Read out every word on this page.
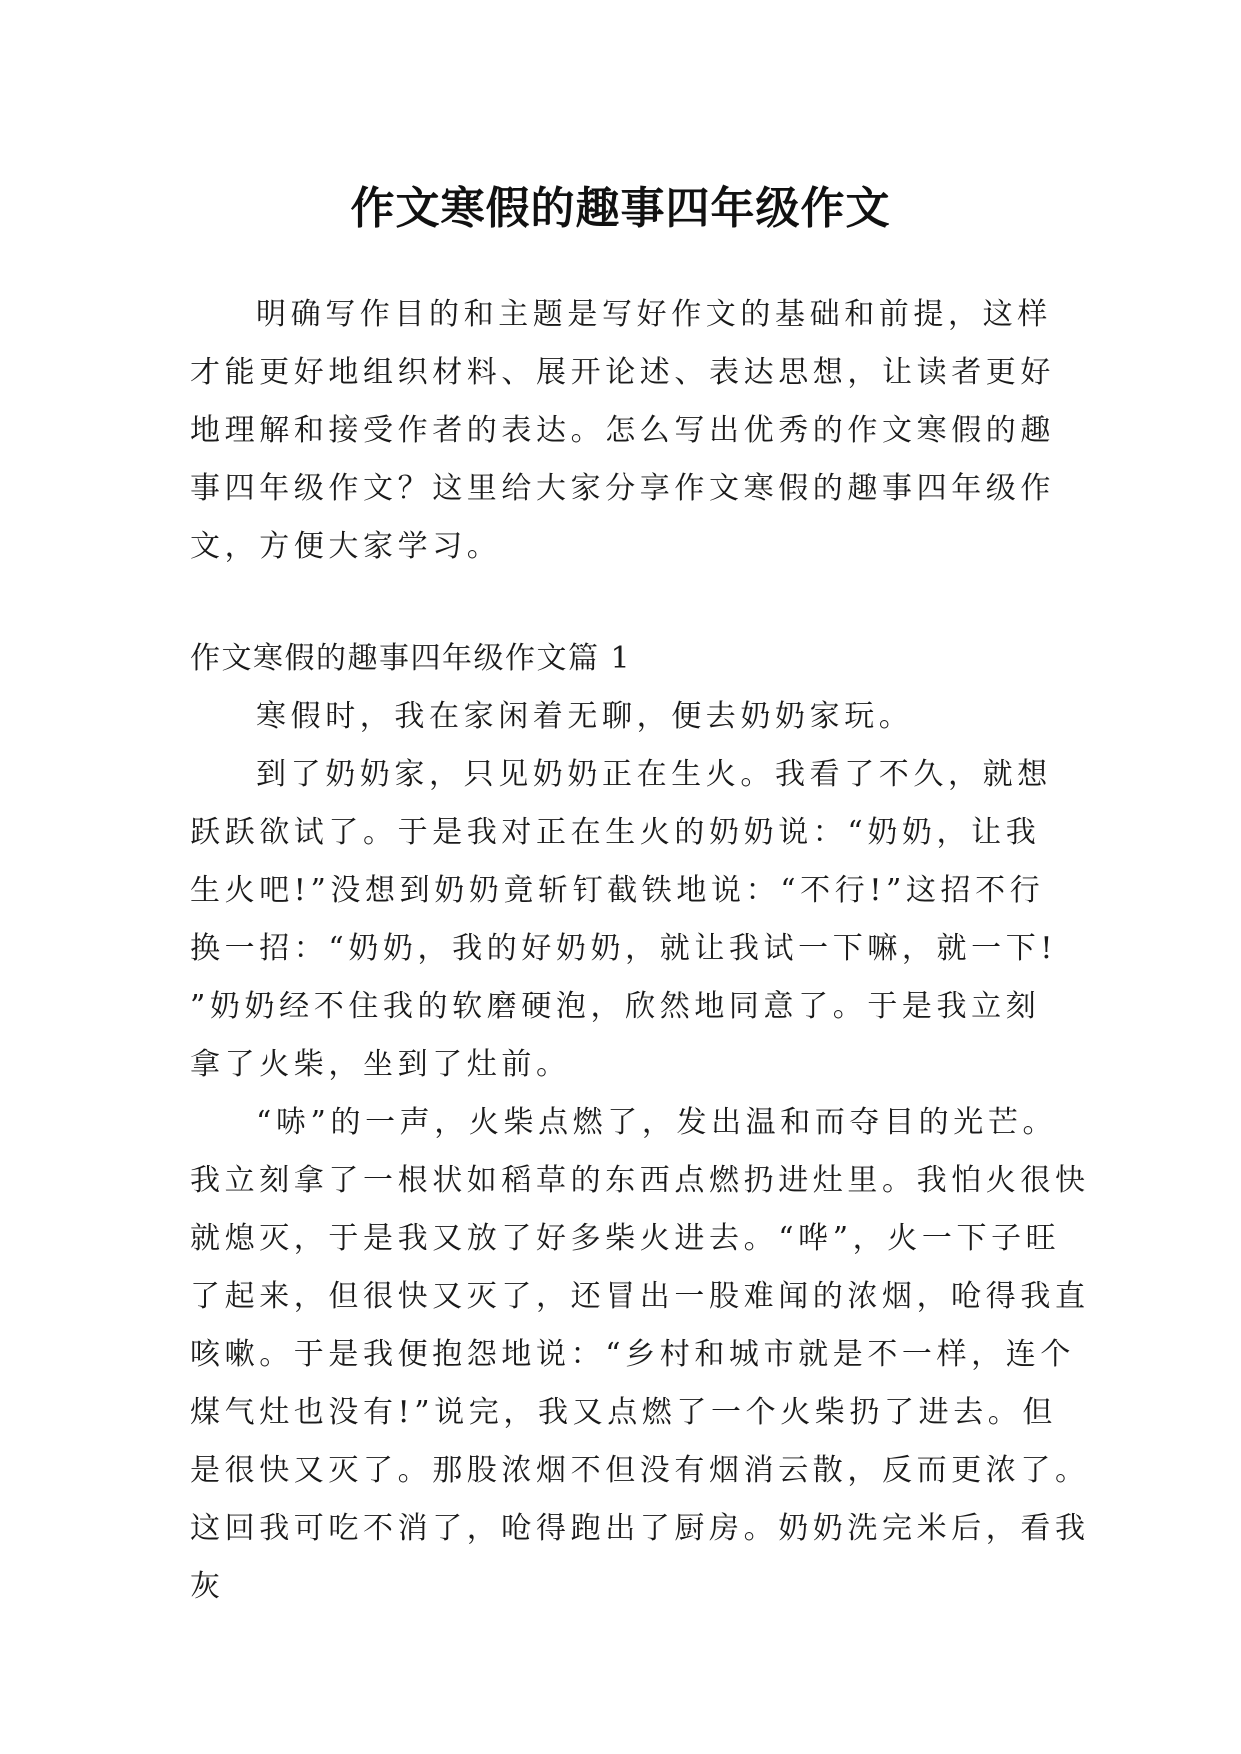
作文寒假的趣事四年级作文

明确写作目的和主题是写好作文的基础和前提，这样才能更好地组织材料、展开论述、表达思想，让读者更好地理解和接受作者的表达。怎么写出优秀的作文寒假的趣事四年级作文？这里给大家分享作文寒假的趣事四年级作文，方便大家学习。

作文寒假的趣事四年级作文篇 1

寒假时，我在家闲着无聊，便去奶奶家玩。

到了奶奶家，只见奶奶正在生火。我看了不久，就想跃跃欲试了。于是我对正在生火的奶奶说：“奶奶，让我生火吧!”没想到奶奶竟斩钉截铁地说：“不行!”这招不行换一招：“奶奶，我的好奶奶，就让我试一下嘛，就一下!”奶奶经不住我的软磨硬泡，欣然地同意了。于是我立刻拿了火柴，坐到了灶前。

“哧”的一声，火柴点燃了，发出温和而夺目的光芒。我立刻拿了一根状如稻草的东西点燃扔进灶里。我怕火很快就熄灭，于是我又放了好多柴火进去。“哗”，火一下子旺了起来，但很快又灭了，还冒出一股难闻的浓烟，呛得我直咳嗽。于是我便抱怨地说：“乡村和城市就是不一样，连个煤气灶也没有!”说完，我又点燃了一个火柴扔了进去。但是很快又灭了。那股浓烟不但没有烟消云散，反而更浓了。这回我可吃不消了，呛得跑出了厨房。奶奶洗完米后，看我灰
